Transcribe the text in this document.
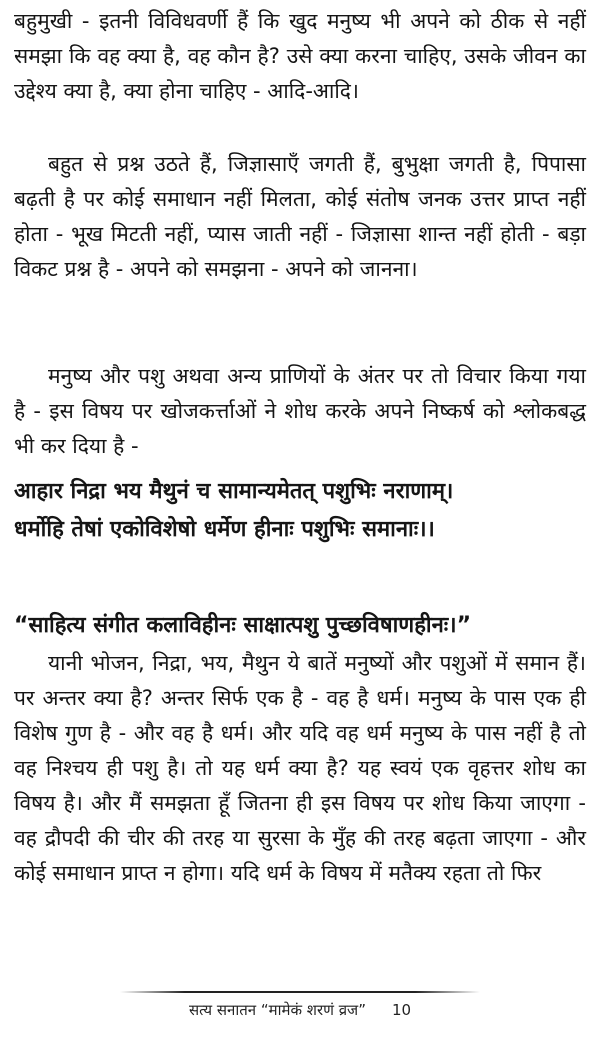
बहुमुखी - इतनी विविधवर्णी हैं कि खुद मनुष्य भी अपने को ठीक से नहीं समझा कि वह क्या है, वह कौन है? उसे क्या करना चाहिए, उसके जीवन का उद्देश्य क्या है, क्या होना चाहिए - आदि-आदि।

बहुत से प्रश्न उठते हैं, जिज्ञासाएँ जगती हैं, बुभुक्षा जगती है, पिपासा बढ़ती है पर कोई समाधान नहीं मिलता, कोई संतोष जनक उत्तर प्राप्त नहीं होता - भूख मिटती नहीं, प्यास जाती नहीं - जिज्ञासा शान्त नहीं होती - बड़ा विकट प्रश्न है - अपने को समझना - अपने को जानना।

मनुष्य और पशु अथवा अन्य प्राणियों के अंतर पर तो विचार किया गया है - इस विषय पर खोजकर्त्ताओं ने शोध करके अपने निष्कर्ष को श्लोकबद्ध भी कर दिया है -

आहार निद्रा भय मैथुनं च सामान्यमेतत् पशुभिः नराणाम्।

धर्मोहि तेषां एकोविशेषो धर्मेण हीनाः पशुभिः समानाः।।

“साहित्य संगीत कलाविहीनः साक्षात्पशु पुच्छविषाणहीनः।”

यानी भोजन, निद्रा, भय, मैथुन ये बातें मनुष्यों और पशुओं में समान हैं। पर अन्तर क्या है? अन्तर सिर्फ एक है - वह है धर्म। मनुष्य के पास एक ही विशेष गुण है - और वह है धर्म। और यदि वह धर्म मनुष्य के पास नहीं है तो वह निश्चय ही पशु है। तो यह धर्म क्या है? यह स्वयं एक वृहत्तर शोध का विषय है। और मैं समझता हूँ जितना ही इस विषय पर शोध किया जाएगा - वह द्रौपदी की चीर की तरह या सुरसा के मुँह की तरह बढ़ता जाएगा - और कोई समाधान प्राप्त न होगा। यदि धर्म के विषय में मतैक्य रहता तो फिर

सत्य सनातन “मामेकं शरणं व्रज” 10
